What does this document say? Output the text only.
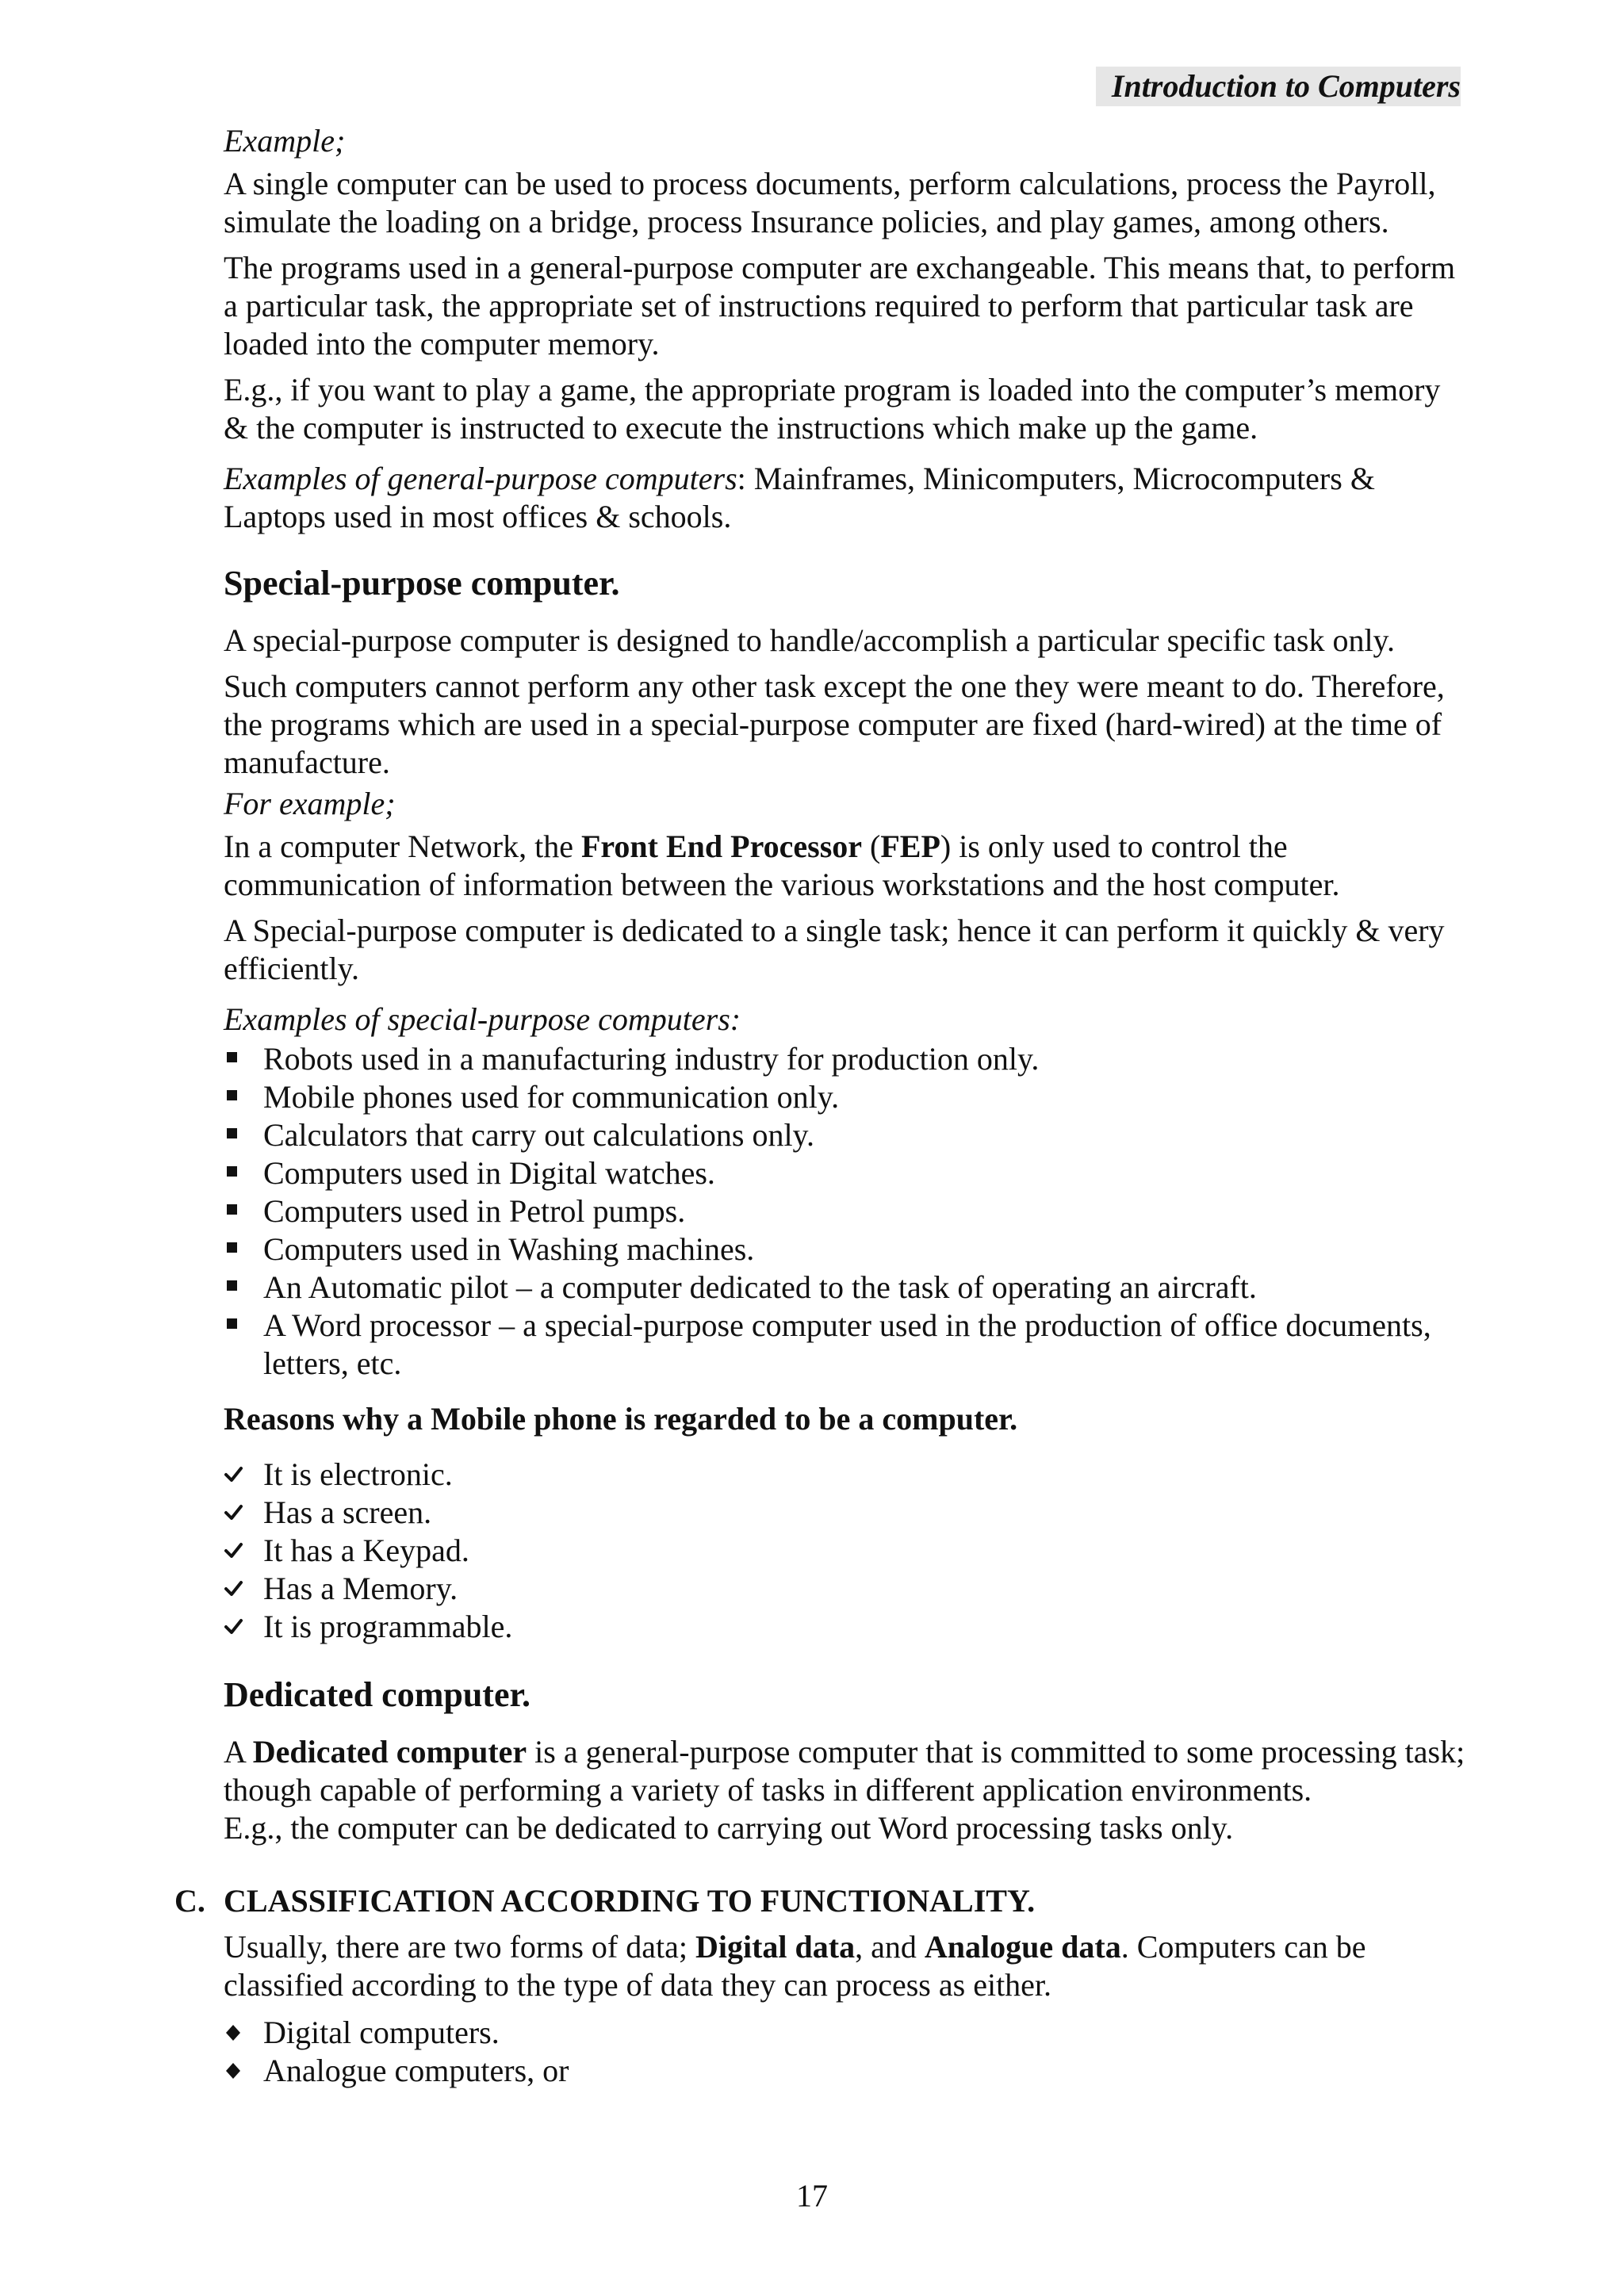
Introduction to Computers

Example;

A single computer can be used to process documents, perform calculations, process the Payroll, simulate the loading on a bridge, process Insurance policies, and play games, among others.

The programs used in a general-purpose computer are exchangeable. This means that, to perform a particular task, the appropriate set of instructions required to perform that particular task are loaded into the computer memory.

E.g., if you want to play a game, the appropriate program is loaded into the computer’s memory & the computer is instructed to execute the instructions which make up the game.

Examples of general-purpose computers: Mainframes, Minicomputers, Microcomputers & Laptops used in most offices & schools.

Special-purpose computer.

A special-purpose computer is designed to handle/accomplish a particular specific task only.

Such computers cannot perform any other task except the one they were meant to do. Therefore, the programs which are used in a special-purpose computer are fixed (hard-wired) at the time of manufacture.

For example;

In a computer Network, the Front End Processor (FEP) is only used to control the communication of information between the various workstations and the host computer.

A Special-purpose computer is dedicated to a single task; hence it can perform it quickly & very efficiently.

Examples of special-purpose computers:

Robots used in a manufacturing industry for production only.
Mobile phones used for communication only.
Calculators that carry out calculations only.
Computers used in Digital watches.
Computers used in Petrol pumps.
Computers used in Washing machines.
An Automatic pilot – a computer dedicated to the task of operating an aircraft.
A Word processor – a special-purpose computer used in the production of office documents, letters, etc.

Reasons why a Mobile phone is regarded to be a computer.

It is electronic.
Has a screen.
It has a Keypad.
Has a Memory.
It is programmable.

Dedicated computer.

A Dedicated computer is a general-purpose computer that is committed to some processing task; though capable of performing a variety of tasks in different application environments.

E.g., the computer can be dedicated to carrying out Word processing tasks only.

C. CLASSIFICATION ACCORDING TO FUNCTIONALITY.

Usually, there are two forms of data; Digital data, and Analogue data. Computers can be classified according to the type of data they can process as either.

Digital computers.
Analogue computers, or
17
